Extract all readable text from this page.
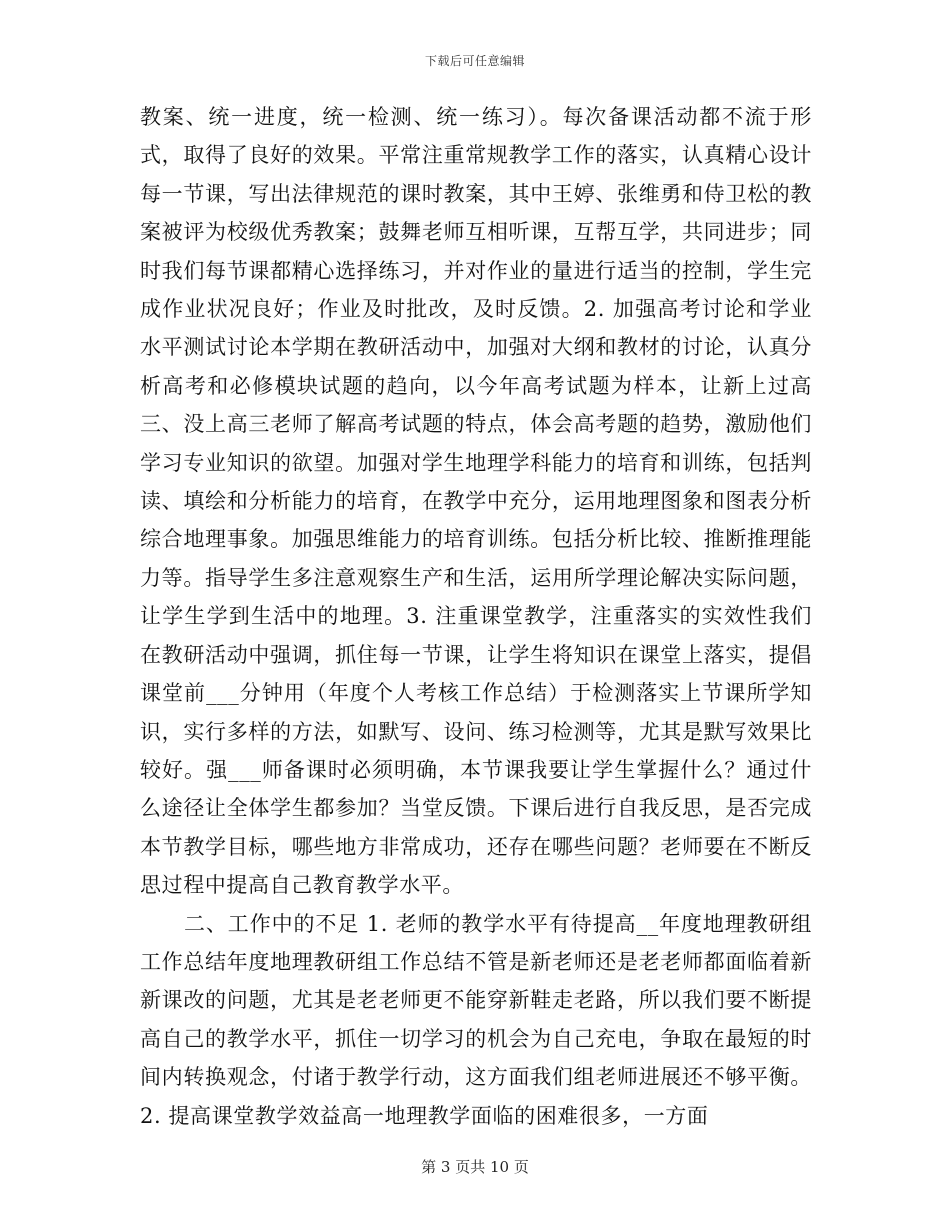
下载后可任意编辑

教案、统一进度，统一检测、统一练习）。每次备课活动都不流于形式，取得了良好的效果。平常注重常规教学工作的落实，认真精心设计每一节课，写出法律规范的课时教案，其中王婷、张维勇和侍卫松的教案被评为校级优秀教案；鼓舞老师互相听课，互帮互学，共同进步；同时我们每节课都精心选择练习，并对作业的量进行适当的控制，学生完成作业状况良好；作业及时批改，及时反馈。2. 加强高考讨论和学业水平测试讨论本学期在教研活动中，加强对大纲和教材的讨论，认真分析高考和必修模块试题的趋向，以今年高考试题为样本，让新上过高三、没上高三老师了解高考试题的特点，体会高考题的趋势，激励他们学习专业知识的欲望。加强对学生地理学科能力的培育和训练，包括判读、填绘和分析能力的培育，在教学中充分，运用地理图象和图表分析综合地理事象。加强思维能力的培育训练。包括分析比较、推断推理能力等。指导学生多注意观察生产和生活，运用所学理论解决实际问题，让学生学到生活中的地理。3. 注重课堂教学，注重落实的实效性我们在教研活动中强调，抓住每一节课，让学生将知识在课堂上落实，提倡课堂前___分钟用（年度个人考核工作总结）于检测落实上节课所学知识，实行多样的方法，如默写、设问、练习检测等，尤其是默写效果比较好。强___师备课时必须明确，本节课我要让学生掌握什么？通过什么途径让全体学生都参加？当堂反馈。下课后进行自我反思，是否完成本节教学目标，哪些地方非常成功，还存在哪些问题？老师要在不断反思过程中提高自己教育教学水平。

二、工作中的不足 1. 老师的教学水平有待提高__年度地理教研组工作总结年度地理教研组工作总结不管是新老师还是老老师都面临着新新课改的问题，尤其是老老师更不能穿新鞋走老路，所以我们要不断提高自己的教学水平，抓住一切学习的机会为自己充电，争取在最短的时间内转换观念，付诸于教学行动，这方面我们组老师进展还不够平衡。2. 提高课堂教学效益高一地理教学面临的困难很多，一方面

第 3 页共 10 页
